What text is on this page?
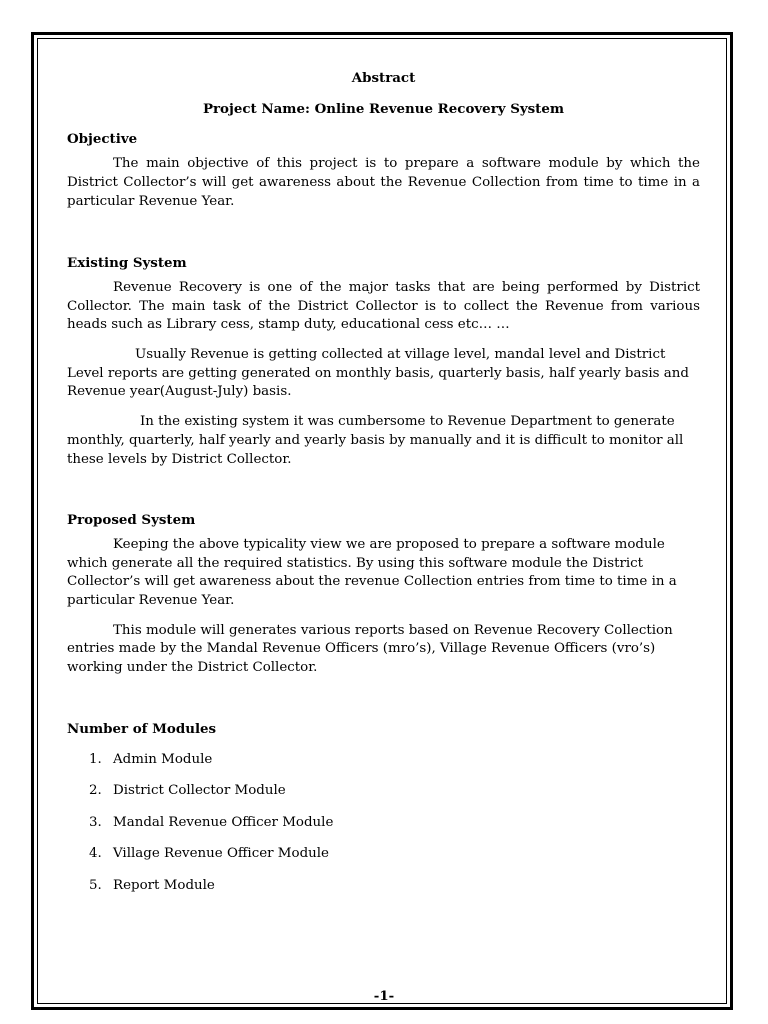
Abstract

Project Name: Online Revenue Recovery System

Objective

The main objective of this project is to prepare a software module by which the District Collector’s will get awareness about the Revenue Collection from time to time in a particular Revenue Year.

Existing System

Revenue Recovery is one of the major tasks that are being performed by District Collector. The main task of the District Collector is to collect the Revenue from various heads such as Library cess, stamp duty, educational cess etc… …

Usually Revenue is getting collected at village level, mandal level and District Level reports are getting generated on monthly basis, quarterly basis, half yearly basis and Revenue year(August-July) basis.

In the existing system it was cumbersome to Revenue Department to generate monthly, quarterly, half yearly and yearly basis by manually and it is difficult to monitor all these levels by District Collector.

Proposed System

Keeping the above typicality view we are proposed to prepare a software module which generate all the required statistics. By using this software module the District Collector’s will get awareness about the revenue Collection entries from time to time in a particular Revenue Year.

This module will generates various reports based on Revenue Recovery Collection entries made by the Mandal Revenue Officers (mro’s), Village Revenue Officers (vro’s) working under the District Collector.

Number of Modules
1. Admin Module
2. District Collector Module
3. Mandal Revenue Officer Module
4. Village Revenue Officer Module
5. Report Module
-1-
